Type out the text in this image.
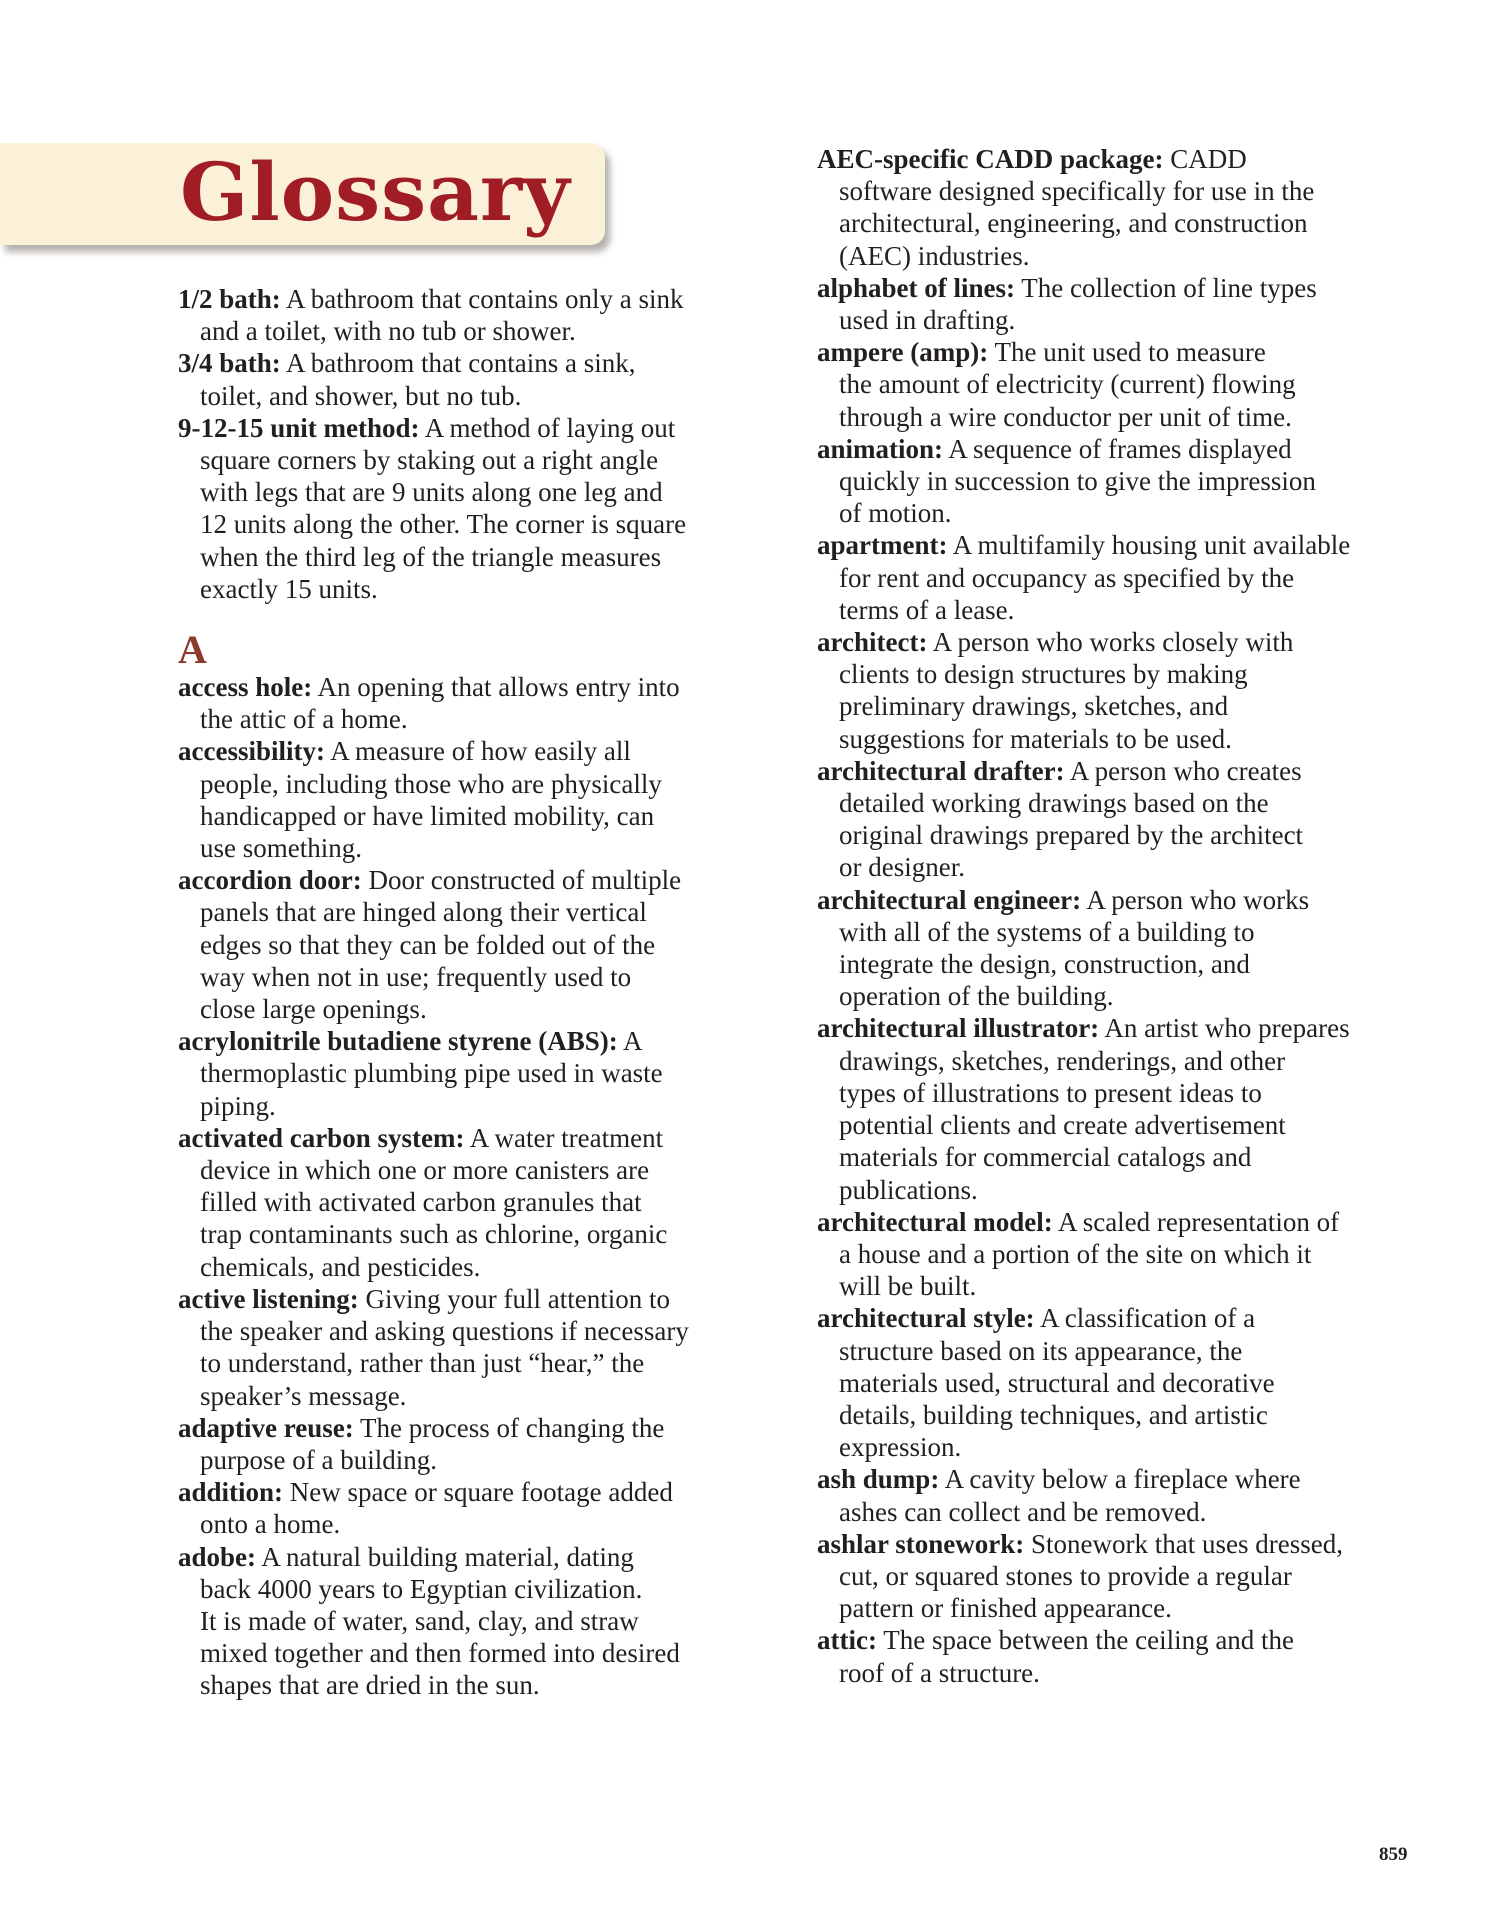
Glossary

1/2 bath: A bathroom that contains only a sink
and a toilet, with no tub or shower.

3/4 bath: A bathroom that contains a sink,
toilet, and shower, but no tub.

9-12-15 unit method: A method of laying out
square corners by staking out a right angle
with legs that are 9 units along one leg and
12 units along the other. The corner is square
when the third leg of the triangle measures
exactly 15 units.

A

access hole: An opening that allows entry into
the attic of a home.

accessibility: A measure of how easily all
people, including those who are physically
handicapped or have limited mobility, can
use something.

accordion door: Door constructed of multiple
panels that are hinged along their vertical
edges so that they can be folded out of the
way when not in use; frequently used to
close large openings.

acrylonitrile butadiene styrene (ABS): A
thermoplastic plumbing pipe used in waste
piping.

activated carbon system: A water treatment
device in which one or more canisters are
filled with activated carbon granules that
trap contaminants such as chlorine, organic
chemicals, and pesticides.

active listening: Giving your full attention to
the speaker and asking questions if necessary
to understand, rather than just “hear,” the
speaker’s message.

adaptive reuse: The process of changing the
purpose of a building.

addition: New space or square footage added
onto a home.

adobe: A natural building material, dating
back 4000 years to Egyptian civilization.
It is made of water, sand, clay, and straw
mixed together and then formed into desired
shapes that are dried in the sun.

AEC-specific CADD package: CADD
software designed specifically for use in the
architectural, engineering, and construction
(AEC) industries.

alphabet of lines: The collection of line types
used in drafting.

ampere (amp): The unit used to measure
the amount of electricity (current) flowing
through a wire conductor per unit of time.

animation: A sequence of frames displayed
quickly in succession to give the impression
of motion.

apartment: A multifamily housing unit available
for rent and occupancy as specified by the
terms of a lease.

architect: A person who works closely with
clients to design structures by making
preliminary drawings, sketches, and
suggestions for materials to be used.

architectural drafter: A person who creates
detailed working drawings based on the
original drawings prepared by the architect
or designer.

architectural engineer: A person who works
with all of the systems of a building to
integrate the design, construction, and
operation of the building.

architectural illustrator: An artist who prepares
drawings, sketches, renderings, and other
types of illustrations to present ideas to
potential clients and create advertisement
materials for commercial catalogs and
publications.

architectural model: A scaled representation of
a house and a portion of the site on which it
will be built.

architectural style: A classification of a
structure based on its appearance, the
materials used, structural and decorative
details, building techniques, and artistic
expression.

ash dump: A cavity below a fireplace where
ashes can collect and be removed.

ashlar stonework: Stonework that uses dressed,
cut, or squared stones to provide a regular
pattern or finished appearance.

attic: The space between the ceiling and the
roof of a structure.

859
